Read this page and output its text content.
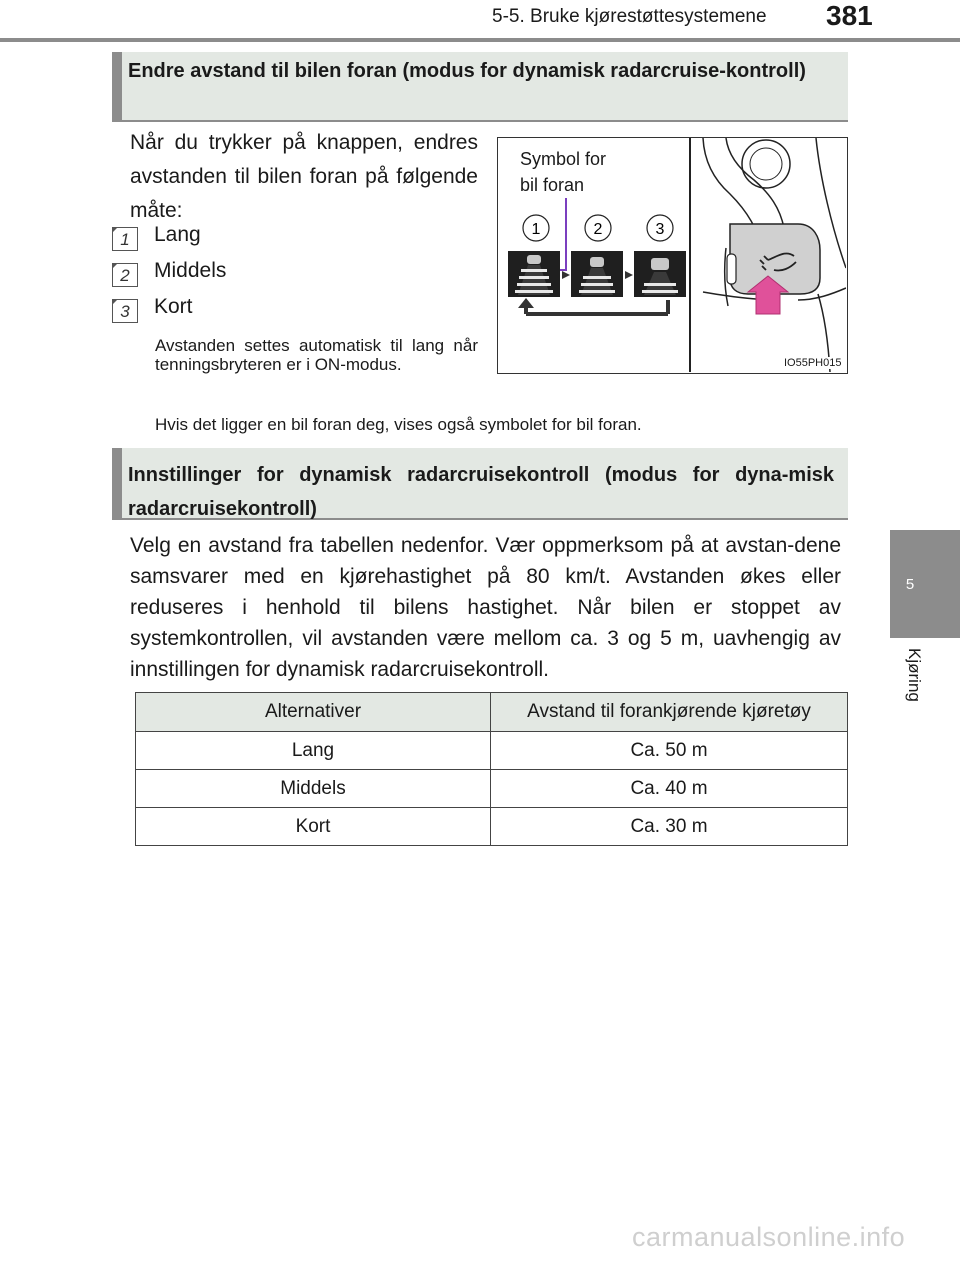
5-5. Bruke kjørestøttesystemene 381
5
Kjøring
Endre avstand til bilen foran (modus for dynamisk radarcruise-kontroll)
Når du trykker på knappen, endres avstanden til bilen foran på følgende måte:
1	Lang
2	Middels
3	Kort
Avstanden settes automatisk til lang når tenningsbryteren er i ON-modus.
Hvis det ligger en bil foran deg, vises også symbolet for bil foran.
1	2	3
Symbol for
bil foran
IO55PH015
Innstillinger for dynamisk radarcruisekontroll (modus for dyna-misk radarcruisekontroll)
Velg en avstand fra tabellen nedenfor. Vær oppmerksom på at avstan-dene samsvarer med en kjørehastighet på 80 km/t. Avstanden økes eller reduseres i henhold til bilens hastighet. Når bilen er stoppet av systemkontrollen, vil avstanden være mellom ca. 3 og 5 m, uavhengig av innstillingen for dynamisk radarcruisekontroll.
Alternativer	Avstand til forankjørende kjøretøy
Lang	Ca. 50 m
Middels	Ca. 40 m
Kort	Ca. 30 m
carmanualsonline.info
